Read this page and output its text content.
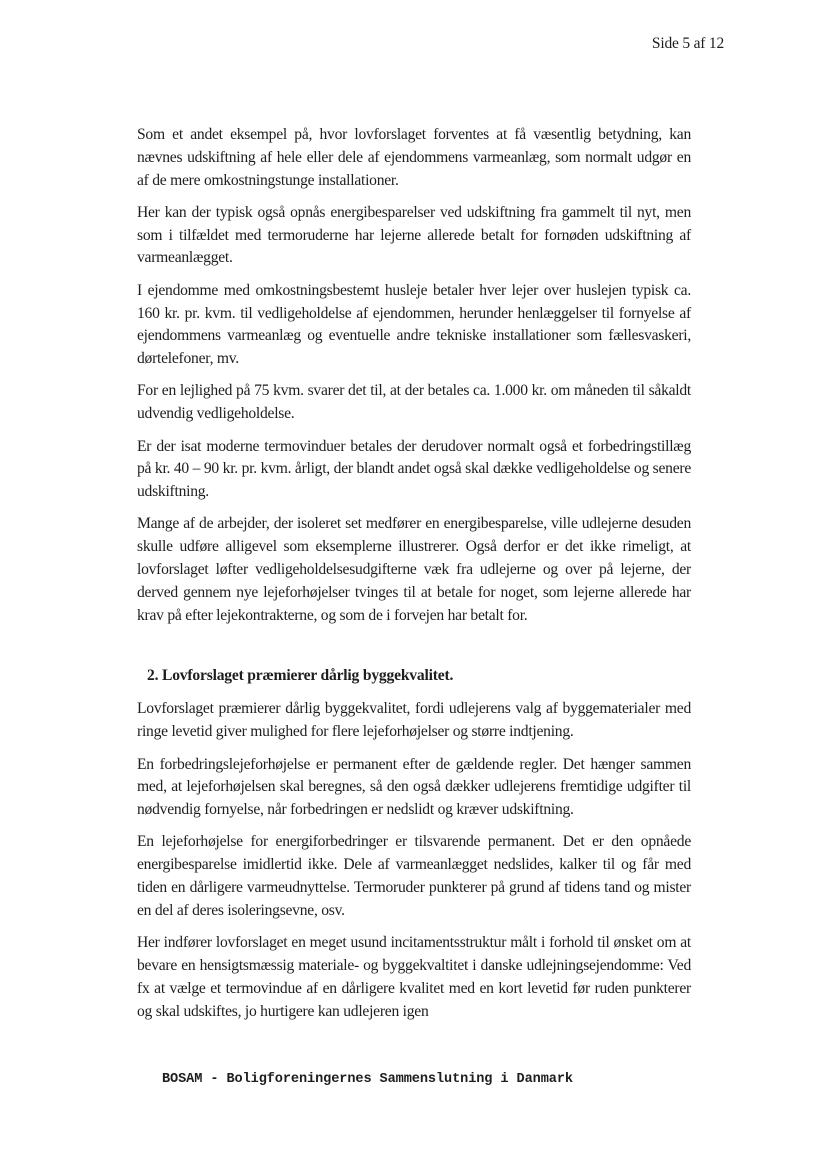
Side 5 af 12

Som et andet eksempel på, hvor lovforslaget forventes at få væsentlig betydning, kan nævnes udskiftning af hele eller dele af ejendommens varmeanlæg, som normalt udgør en af de mere omkostningstunge installationer.

Her kan der typisk også opnås energibesparelser ved udskiftning fra gammelt til nyt, men som i tilfældet med termoruderne har lejerne allerede betalt for fornøden udskiftning af varmeanlægget.

I ejendomme med omkostningsbestemt husleje betaler hver lejer over huslejen typisk ca. 160 kr. pr. kvm. til vedligeholdelse af ejendommen, herunder henlæggelser til fornyelse af ejendommens varmeanlæg og eventuelle andre tekniske installationer som fællesvaskeri, dørtelefoner, mv.

For en lejlighed på 75 kvm. svarer det til, at der betales ca. 1.000 kr. om måneden til såkaldt udvendig vedligeholdelse.

Er der isat moderne termovinduer betales der derudover normalt også et forbedringstillæg på kr. 40 – 90 kr. pr. kvm. årligt, der blandt andet også skal dække vedligeholdelse og senere udskiftning.

Mange af de arbejder, der isoleret set medfører en energibesparelse, ville udlejerne desuden skulle udføre alligevel som eksemplerne illustrerer. Også derfor er det ikke rimeligt, at lovforslaget løfter vedligeholdelsesudgifterne væk fra udlejerne og over på lejerne, der derved gennem nye lejeforhøjelser tvinges til at betale for noget, som lejerne allerede har krav på efter lejekontrakterne, og som de i forvejen har betalt for.

2. Lovforslaget præmierer dårlig byggekvalitet.

Lovforslaget præmierer dårlig byggekvalitet, fordi udlejerens valg af byggematerialer med ringe levetid giver mulighed for flere lejeforhøjelser og større indtjening.

En forbedringslejeforhøjelse er permanent efter de gældende regler. Det hænger sammen med, at lejeforhøjelsen skal beregnes, så den også dækker udlejerens fremtidige udgifter til nødvendig fornyelse, når forbedringen er nedslidt og kræver udskiftning.

En lejeforhøjelse for energiforbedringer er tilsvarende permanent. Det er den opnåede energibesparelse imidlertid ikke. Dele af varmeanlægget nedslides, kalker til og får med tiden en dårligere varmeudnyttelse. Termoruder punkterer på grund af tidens tand og mister en del af deres isoleringsevne, osv.

Her indfører lovforslaget en meget usund incitamentsstruktur målt i forhold til ønsket om at bevare en hensigtsmæssig materiale- og byggekvaltitet i danske udlejningsejendomme: Ved fx at vælge et termovindue af en dårligere kvalitet med en kort levetid før ruden punkterer og skal udskiftes, jo hurtigere kan udlejeren igen

BOSAM - Boligforeningernes Sammenslutning i Danmark
